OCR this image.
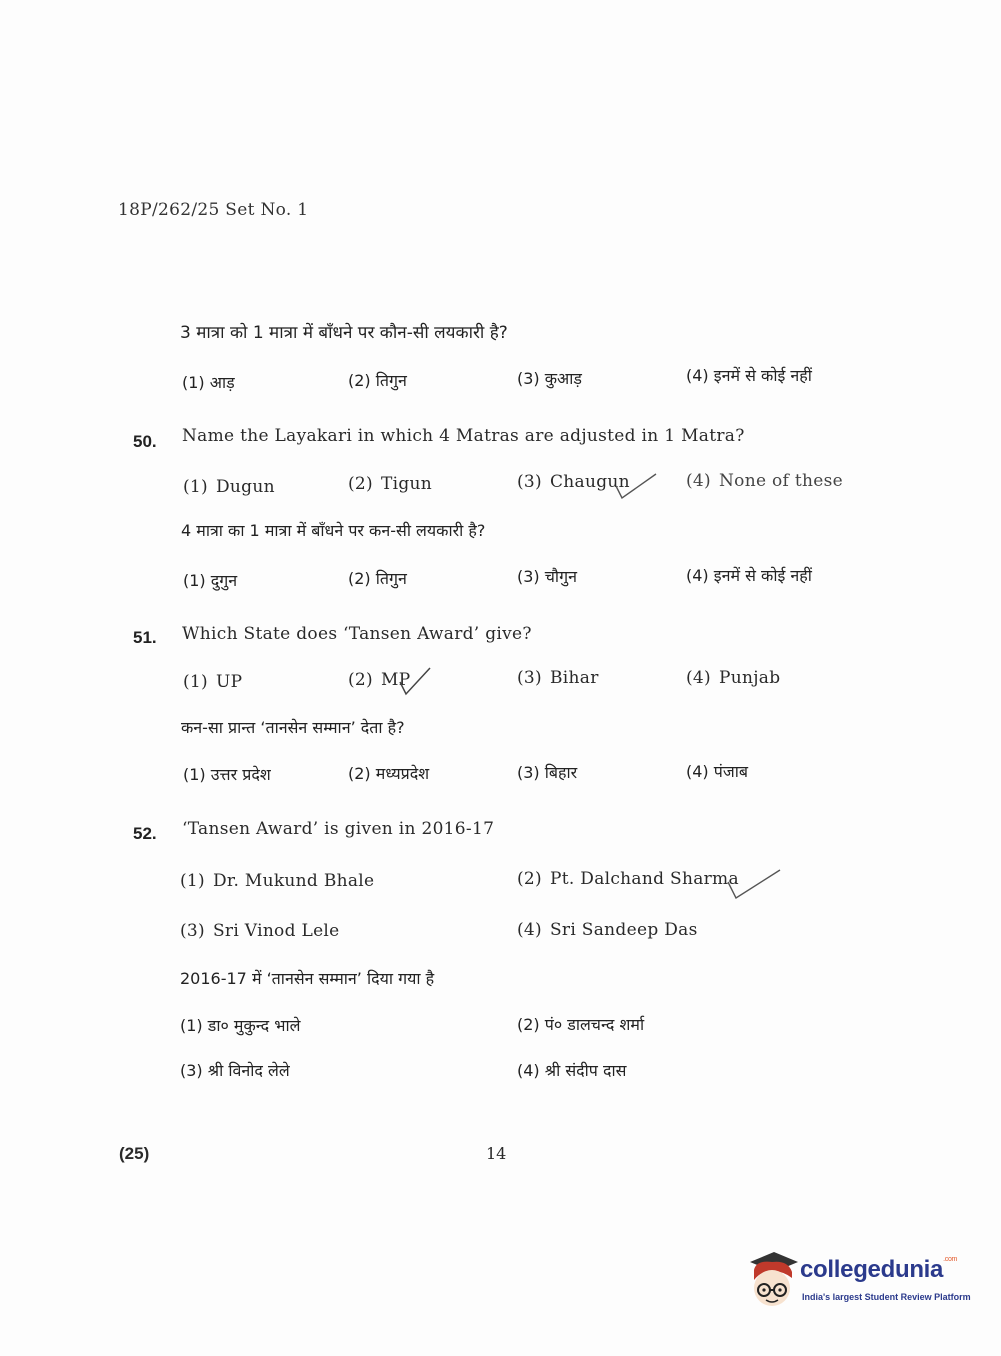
18P/262/25 Set No. 1
3 मात्रा को 1 मात्रा में बाँधने पर कौन-सी लयकारी है?
(1) आड़	(2) तिगुन	(3) कुआड़	(4) इनमें से कोई नहीं
50. Name the Layakari in which 4 Matras are adjusted in 1 Matra?
(1) Dugun	(2) Tigun	(3) Chaugun	(4) None of these
4 मात्रा का 1 मात्रा में बाँधने पर कन-सी लयकारी है?
(1) दुगुन	(2) तिगुन	(3) चौगुन	(4) इनमें से कोई नहीं
51. Which State does ‘Tansen Award’ give?
(1) UP	(2) MP	(3) Bihar	(4) Punjab
कन-सा प्रान्त ‘तानसेन सम्मान’ देता है?
(1) उत्तर प्रदेश	(2) मध्यप्रदेश	(3) बिहार	(4) पंजाब
52. ‘Tansen Award’ is given in 2016-17
(1) Dr. Mukund Bhale	(2) Pt. Dalchand Sharma
(3) Sri Vinod Lele	(4) Sri Sandeep Das
2016-17 में ‘तानसेन सम्मान’ दिया गया है
(1) डा० मुकुन्द भाले	(2) पं० डालचन्द शर्मा
(3) श्री विनोद लेले	(4) श्री संदीप दास
(25)	14
collegedunia$^{.com}$
India's largest Student Review Platform
